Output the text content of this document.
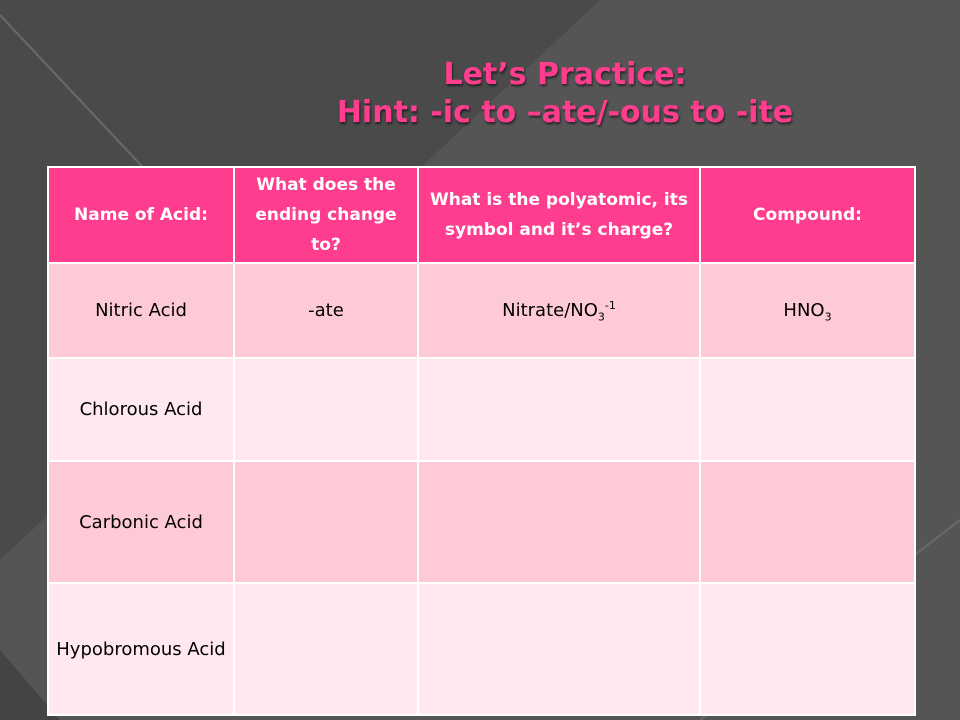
Let’s Practice:
Hint: -ic to –ate/-ous to -ite
Name of Acid:	What does the ending change to?	What is the polyatomic, its symbol and it’s charge?	Compound:
Nitric Acid	-ate	Nitrate/$NO_3^{-1}$	$HNO_3$
Chlorous Acid			
Carbonic Acid			
Hypobromous Acid			
